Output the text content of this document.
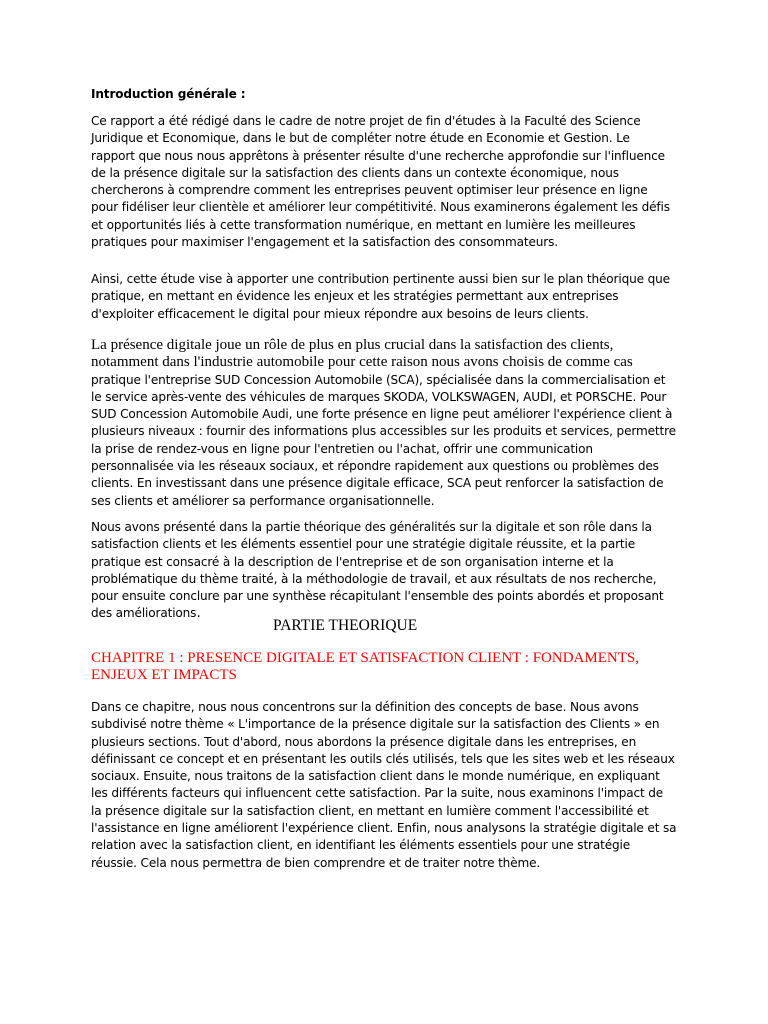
Introduction générale :

Ce rapport a été rédigé dans le cadre de notre projet de fin d'études à la Faculté des Science Juridique et Economique, dans le but de compléter notre étude en Economie et Gestion. Le rapport que nous nous apprêtons à présenter résulte d'une recherche approfondie sur l'influence de la présence digitale sur la satisfaction des clients dans un contexte économique, nous chercherons à comprendre comment les entreprises peuvent optimiser leur présence en ligne pour fidéliser leur clientèle et améliorer leur compétitivité. Nous examinerons également les défis et opportunités liés à cette transformation numérique, en mettant en lumière les meilleures pratiques pour maximiser l'engagement et la satisfaction des consommateurs.

Ainsi, cette étude vise à apporter une contribution pertinente aussi bien sur le plan théorique que pratique, en mettant en évidence les enjeux et les stratégies permettant aux entreprises d'exploiter efficacement le digital pour mieux répondre aux besoins de leurs clients.

La présence digitale joue un rôle de plus en plus crucial dans la satisfaction des clients, notamment dans l'industrie automobile pour cette raison nous avons choisis de comme cas pratique l'entreprise SUD Concession Automobile (SCA), spécialisée dans la commercialisation et le service après-vente des véhicules de marques SKODA, VOLKSWAGEN, AUDI, et PORSCHE. Pour SUD Concession Automobile Audi, une forte présence en ligne peut améliorer l'expérience client à plusieurs niveaux : fournir des informations plus accessibles sur les produits et services, permettre la prise de rendez-vous en ligne pour l'entretien ou l'achat, offrir une communication personnalisée via les réseaux sociaux, et répondre rapidement aux questions ou problèmes des clients. En investissant dans une présence digitale efficace, SCA peut renforcer la satisfaction de ses clients et améliorer sa performance organisationnelle.

Nous avons présenté dans la partie théorique des généralités sur la digitale et son rôle dans la satisfaction clients et les éléments essentiel pour une stratégie digitale réussite, et la partie pratique est consacré à la description de l'entreprise et de son organisation interne et la problématique du thème traité, à la méthodologie de travail, et aux résultats de nos recherche, pour ensuite conclure par une synthèse récapitulant l'ensemble des points abordés et proposant des améliorations.

PARTIE THEORIQUE

CHAPITRE 1 : PRESENCE DIGITALE ET SATISFACTION CLIENT : FONDAMENTS, ENJEUX ET IMPACTS

Dans ce chapitre, nous nous concentrons sur la définition des concepts de base. Nous avons subdivisé notre thème « L'importance de la présence digitale sur la satisfaction des Clients » en plusieurs sections. Tout d'abord, nous abordons la présence digitale dans les entreprises, en définissant ce concept et en présentant les outils clés utilisés, tels que les sites web et les réseaux sociaux. Ensuite, nous traitons de la satisfaction client dans le monde numérique, en expliquant les différents facteurs qui influencent cette satisfaction. Par la suite, nous examinons l'impact de la présence digitale sur la satisfaction client, en mettant en lumière comment l'accessibilité et l'assistance en ligne améliorent l'expérience client. Enfin, nous analysons la stratégie digitale et sa relation avec la satisfaction client, en identifiant les éléments essentiels pour une stratégie réussie. Cela nous permettra de bien comprendre et de traiter notre thème.
